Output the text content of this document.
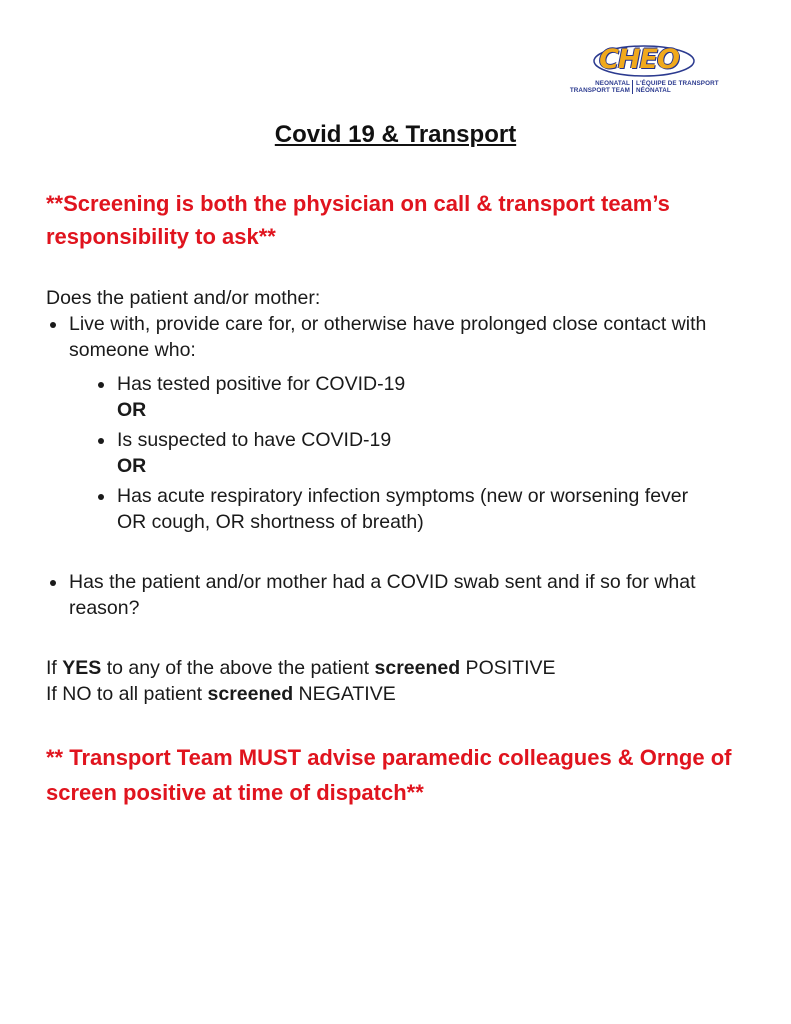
CHEO
NEONATAL TRANSPORT TEAM
L'ÉQUIPE DE TRANSPORT NÉONATAL
Covid 19 & Transport

**Screening is both the physician on call & transport team’s responsibility to ask**

Does the patient and/or mother:

Live with, provide care for, or otherwise have prolonged close contact with someone who:
Has tested positive for COVID-19
OR
Is suspected to have COVID-19
OR
Has acute respiratory infection symptoms (new or worsening fever OR cough, OR shortness of breath)
Has the patient and/or mother had a COVID swab sent and if so for what reason?

If YES to any of the above the patient screened POSITIVE

If NO to all patient screened NEGATIVE

** Transport Team MUST advise paramedic colleagues & Ornge of screen positive at time of dispatch**
